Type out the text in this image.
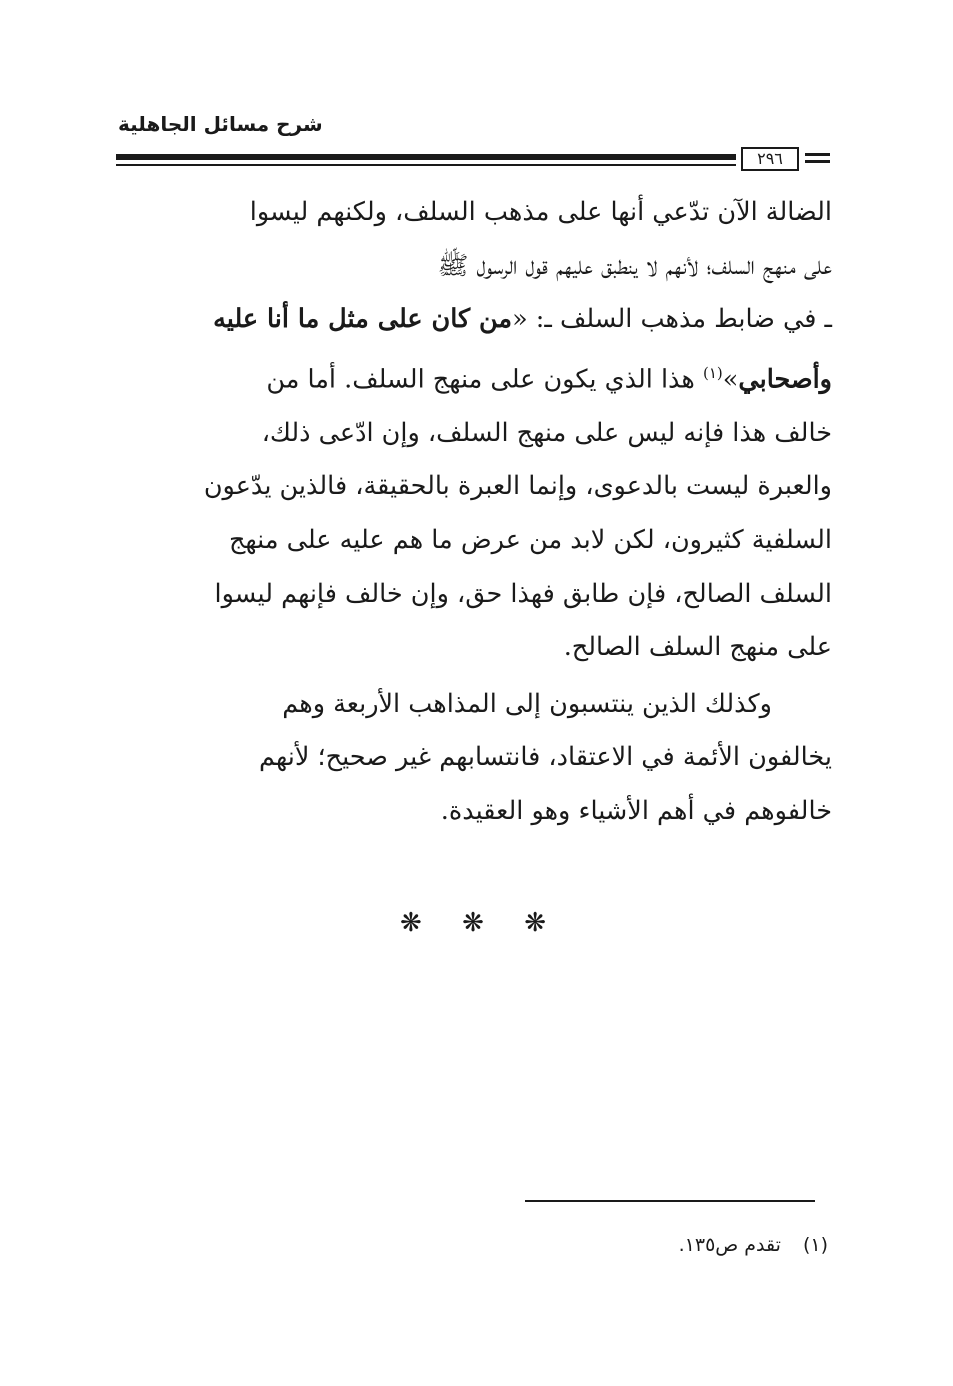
شرح مسائل الجاهلية
٢٩٦

الضالة الآن تدّعي أنها على مذهب السلف، ولكنهم ليسوا
على منهج السلف؛ لأنهم لا ينطبق عليهم قول الرسول ﷺ
ـ في ضابط مذهب السلف ـ: «من كان على مثل ما أنا عليه
وأصحابي»$^{(١)}$ هذا الذي يكون على منهج السلف. أما من
خالف هذا فإنه ليس على منهج السلف، وإن ادّعى ذلك،
والعبرة ليست بالدعوى، وإنما العبرة بالحقيقة، فالذين يدّعون
السلفية كثيرون، لكن لابد من عرض ما هم عليه على منهج
السلف الصالح، فإن طابق فهذا حق، وإن خالف فإنهم ليسوا
على منهج السلف الصالح.

وكذلك الذين ينتسبون إلى المذاهب الأربعة وهم
يخالفون الأئمة في الاعتقاد، فانتسابهم غير صحيح؛ لأنهم
خالفوهم في أهم الأشياء وهو العقيدة.

❋ ❋ ❋
(١)تقدم ص١٣٥.
